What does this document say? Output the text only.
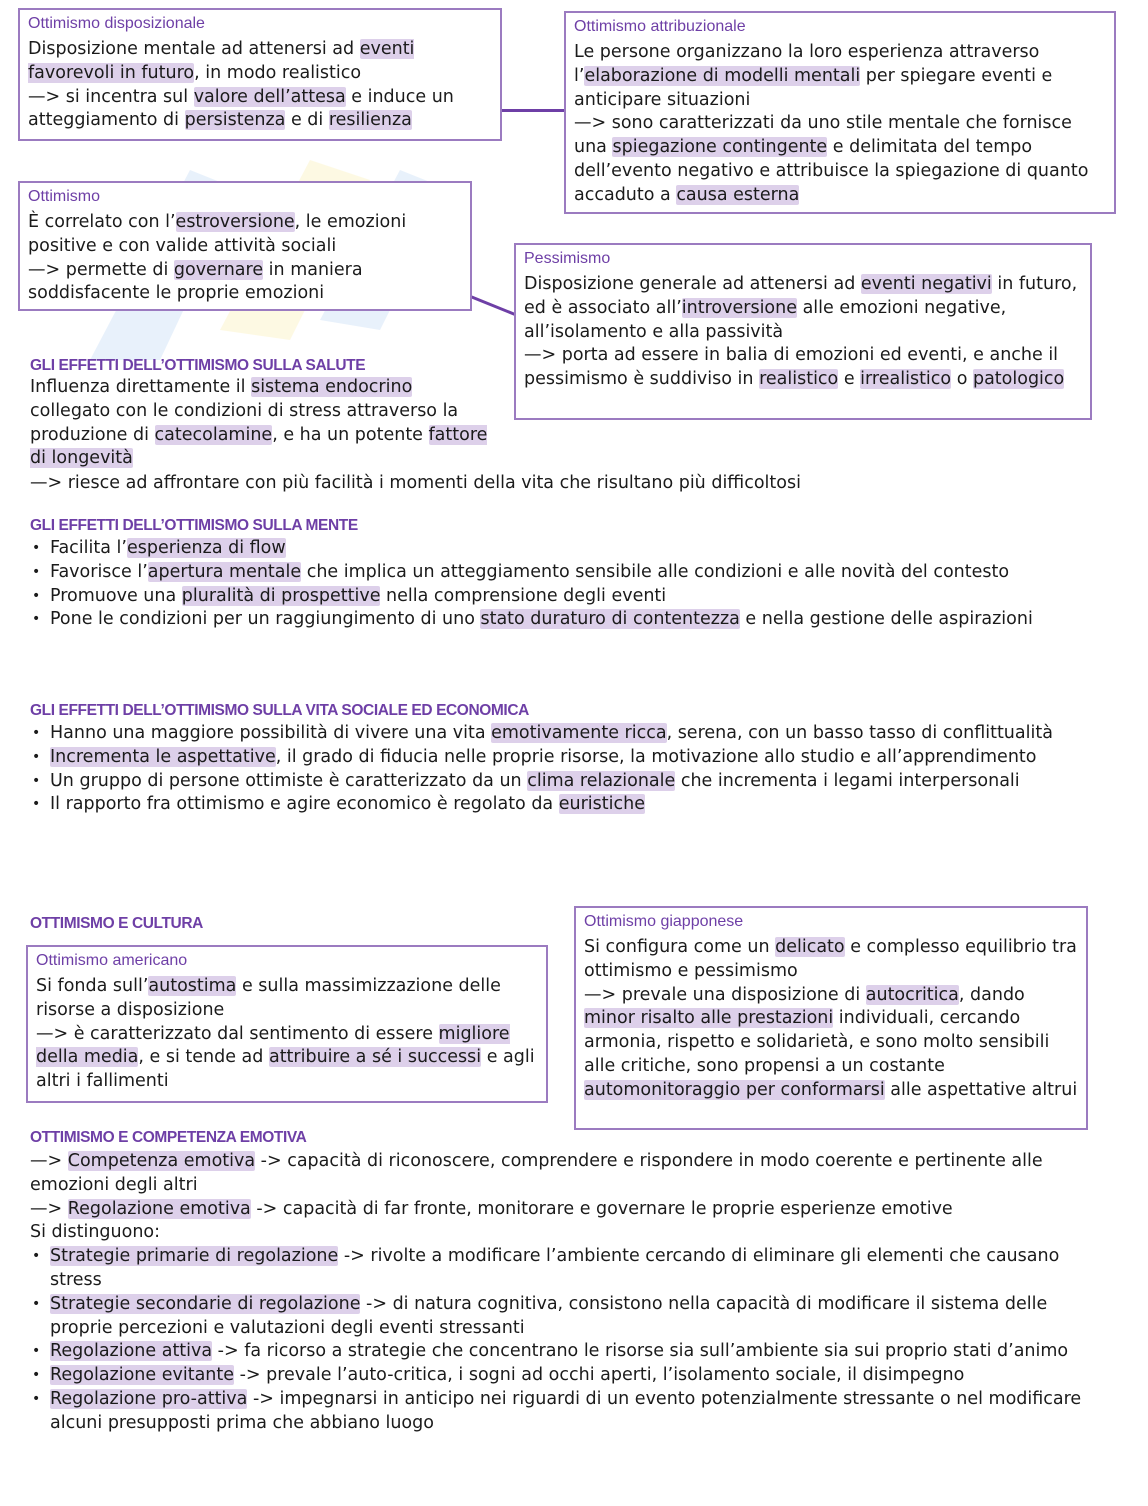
Ottimismo disposizionale
Disposizione mentale ad attenersi ad eventi favorevoli in futuro, in modo realistico
—> si incentra sul valore dell’attesa e induce un atteggiamento di persistenza e di resilienza
Ottimismo attribuzionale
Le persone organizzano la loro esperienza attraverso l’elaborazione di modelli mentali per spiegare eventi e anticipare situazioni
—> sono caratterizzati da uno stile mentale che fornisce una spiegazione contingente e delimitata del tempo dell’evento negativo e attribuisce la spiegazione di quanto accaduto a causa esterna
Ottimismo
È correlato con l’estroversione, le emozioni positive e con valide attività sociali
—> permette di governare in maniera soddisfacente le proprie emozioni
Pessimismo
Disposizione generale ad attenersi ad eventi negativi in futuro, ed è associato all’introversione alle emozioni negative, all’isolamento e alla passività
—> porta ad essere in balia di emozioni ed eventi, e anche il pessimismo è suddiviso in realistico e irrealistico o patologico
GLI EFFETTI DELL’OTTIMISMO SULLA SALUTE
Influenza direttamente il sistema endocrino collegato con le condizioni di stress attraverso la produzione di catecolamine, e ha un potente fattore di longevità
—> riesce ad affrontare con più facilità i momenti della vita che risultano più difficoltosi
GLI EFFETTI DELL’OTTIMISMO SULLA MENTE
• Facilita l’esperienza di flow
• Favorisce l’apertura mentale che implica un atteggiamento sensibile alle condizioni e alle novità del contesto
• Promuove una pluralità di prospettive nella comprensione degli eventi
• Pone le condizioni per un raggiungimento di uno stato duraturo di contentezza e nella gestione delle aspirazioni
GLI EFFETTI DELL’OTTIMISMO SULLA VITA SOCIALE ED ECONOMICA
• Hanno una maggiore possibilità di vivere una vita emotivamente ricca, serena, con un basso tasso di conflittualità
• Incrementa le aspettative, il grado di fiducia nelle proprie risorse, la motivazione allo studio e all’apprendimento
• Un gruppo di persone ottimiste è caratterizzato da un clima relazionale che incrementa i legami interpersonali
• Il rapporto fra ottimismo e agire economico è regolato da euristiche
OTTIMISMO E CULTURA
Ottimismo americano
Si fonda sull’autostima e sulla massimizzazione delle risorse a disposizione
—> è caratterizzato dal sentimento di essere migliore della media, e si tende ad attribuire a sé i successi e agli altri i fallimenti
Ottimismo giapponese
Si configura come un delicato e complesso equilibrio tra ottimismo e pessimismo
—> prevale una disposizione di autocritica, dando minor risalto alle prestazioni individuali, cercando armonia, rispetto e solidarietà, e sono molto sensibili alle critiche, sono propensi a un costante automonitoraggio per conformarsi alle aspettative altrui
OTTIMISMO E COMPETENZA EMOTIVA
—> Competenza emotiva -> capacità di riconoscere, comprendere e rispondere in modo coerente e pertinente alle emozioni degli altri
—> Regolazione emotiva -> capacità di far fronte, monitorare e governare le proprie esperienze emotive
Si distinguono:
• Strategie primarie di regolazione -> rivolte a modificare l’ambiente cercando di eliminare gli elementi che causano stress
• Strategie secondarie di regolazione -> di natura cognitiva, consistono nella capacità di modificare il sistema delle proprie percezioni e valutazioni degli eventi stressanti
• Regolazione attiva -> fa ricorso a strategie che concentrano le risorse sia sull’ambiente sia sui proprio stati d’animo
• Regolazione evitante -> prevale l’auto-critica, i sogni ad occhi aperti, l’isolamento sociale, il disimpegno
• Regolazione pro-attiva -> impegnarsi in anticipo nei riguardi di un evento potenzialmente stressante o nel modificare alcuni presupposti prima che abbiano luogo
